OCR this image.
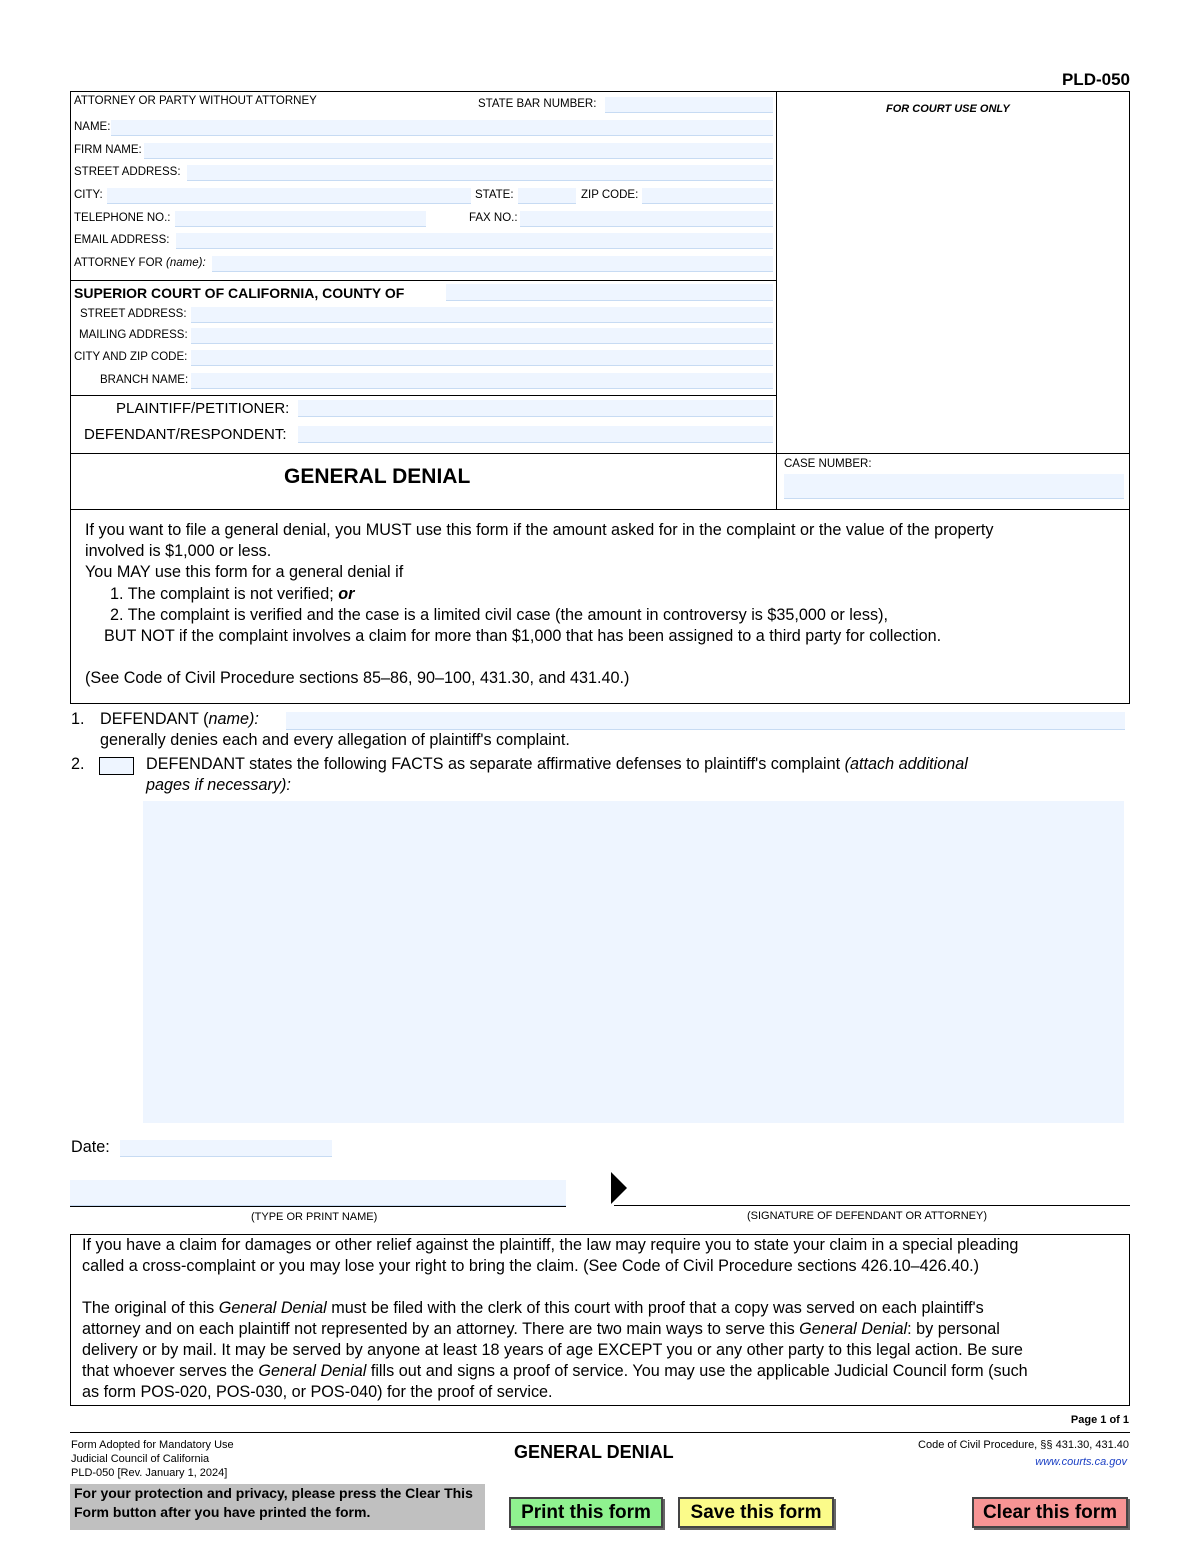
PLD-050
FOR COURT USE ONLY
ATTORNEY OR PARTY WITHOUT ATTORNEY	STATE BAR NUMBER:
NAME:
FIRM NAME:
STREET ADDRESS:
CITY:	STATE:	ZIP CODE:
TELEPHONE NO.:	FAX NO.:
EMAIL ADDRESS:
ATTORNEY FOR (name):
SUPERIOR COURT OF CALIFORNIA, COUNTY OF
STREET ADDRESS:
MAILING ADDRESS:
CITY AND ZIP CODE:
BRANCH NAME:
PLAINTIFF/PETITIONER:
DEFENDANT/RESPONDENT:
GENERAL DENIAL
CASE NUMBER:
If you want to file a general denial, you MUST use this form if the amount asked for in the complaint or the value of the property
involved is $1,000 or less.
You MAY use this form for a general denial if
1. The complaint is not verified; or
2. The complaint is verified and the case is a limited civil case (the amount in controversy is $35,000 or less),
BUT NOT if the complaint involves a claim for more than $1,000 that has been assigned to a third party for collection.
(See Code of Civil Procedure sections 85–86, 90–100, 431.30, and 431.40.)
1. DEFENDANT (name):
generally denies each and every allegation of plaintiff's complaint.
2.	DEFENDANT states the following FACTS as separate affirmative defenses to plaintiff's complaint (attach additional
pages if necessary):
Date:
(TYPE OR PRINT NAME)	(SIGNATURE OF DEFENDANT OR ATTORNEY)
If you have a claim for damages or other relief against the plaintiff, the law may require you to state your claim in a special pleading
called a cross-complaint or you may lose your right to bring the claim. (See Code of Civil Procedure sections 426.10–426.40.)
The original of this General Denial must be filed with the clerk of this court with proof that a copy was served on each plaintiff's
attorney and on each plaintiff not represented by an attorney. There are two main ways to serve this General Denial: by personal
delivery or by mail. It may be served by anyone at least 18 years of age EXCEPT you or any other party to this legal action. Be sure
that whoever serves the General Denial fills out and signs a proof of service. You may use the applicable Judicial Council form (such
as form POS-020, POS-030, or POS-040) for the proof of service.
Page 1 of 1
Form Adopted for Mandatory Use
Judicial Council of California
PLD-050 [Rev. January 1, 2024]
GENERAL DENIAL	Code of Civil Procedure, §§ 431.30, 431.40
www.courts.ca.gov
For your protection and privacy, please press the Clear This Form button after you have printed the form.	Print this form	Save this form	Clear this form
